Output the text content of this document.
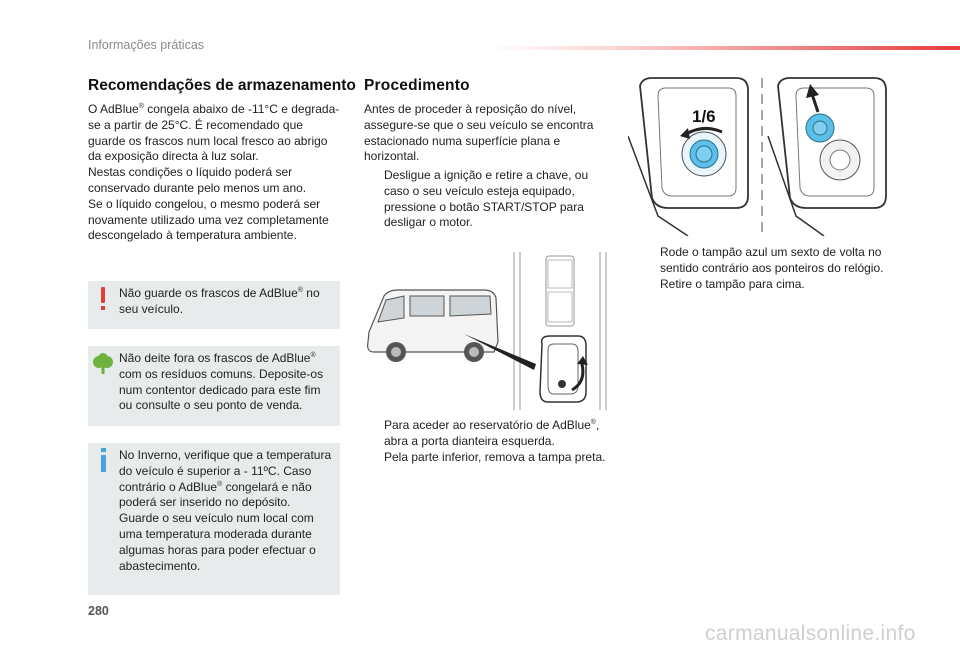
Informações práticas
Recomendações de armazenamento
O AdBlue® congela abaixo de -11°C e degrada-se a partir de 25°C. É recomendado que guarde os frascos num local fresco ao abrigo da exposição directa à luz solar.
Nestas condições o líquido poderá ser conservado durante pelo menos um ano.
Se o líquido congelou, o mesmo poderá ser novamente utilizado uma vez completamente descongelado à temperatura ambiente.
Não guarde os frascos de AdBlue® no seu veículo.
Não deite fora os frascos de AdBlue® com os resíduos comuns. Deposite-os num contentor dedicado para este fim ou consulte o seu ponto de venda.
No Inverno, verifique que a temperatura do veículo é superior a - 11ºC. Caso contrário o AdBlue® congelará e não poderá ser inserido no depósito.
Guarde o seu veículo num local com uma temperatura moderada durante algumas horas para poder efectuar o abastecimento.
Procedimento

Antes de proceder à reposição do nível, assegure-se que o seu veículo se encontra estacionado numa superfície plana e horizontal.

Desligue a ignição e retire a chave, ou caso o seu veículo esteja equipado, pressione o botão START/STOP para desligar o motor.
Para aceder ao reservatório de AdBlue®, abra a porta dianteira esquerda.
Pela parte inferior, remova a tampa preta.
1/6
Rode o tampão azul um sexto de volta no sentido contrário aos ponteiros do relógio.
Retire o tampão para cima.
280
carmanualsonline.info
